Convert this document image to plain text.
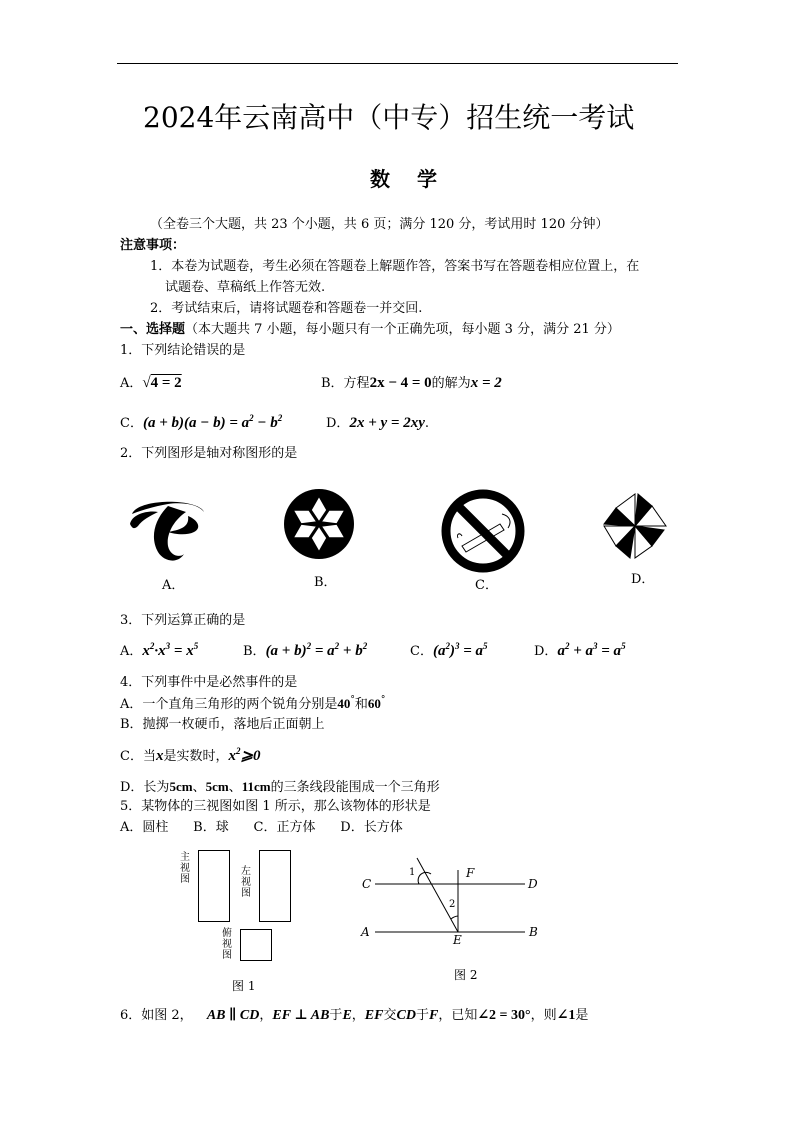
2024年云南高中（中专）招生统一考试
数 学
（全卷三个大题，共 23 个小题，共 6 页；满分 120 分，考试用时 120 分钟）
注意事项：
1．本卷为试题卷，考生必须在答题卷上解题作答，答案书写在答题卷相应位置上，在
试题卷、草稿纸上作答无效.
2．考试结束后，请将试题卷和答题卷一并交回.
一、选择题（本大题共 7 小题，每小题只有一个正确先项，每小题 3 分，满分 21 分）
1．下列结论错误的是
A．√4 = 2	B．方程2x − 4 = 0的解为x = 2
C．$(a + b)(a - b) = a^2 - b^2$	D．2x + y = 2xy.
2．下列图形是轴对称图形的是
A．	B．	C．	D．
3．下列运算正确的是
A．$x^2\cdot x^3 = x^5$	B．$(a + b)^2 = a^2 + b^2$	C．$(a^2)^3 = a^5$	D．$a^2 + a^3 = a^5$
4．下列事件中是必然事件的是
A．一个直角三角形的两个锐角分别是40°和60°
B．抛掷一枚硬币，落地后正面朝上
C．当x是实数时，$x^2⩾0$
D．长为5cm、5cm、11cm的三条线段能围成一个三角形
5．某物体的三视图如图 1 所示，那么该物体的形状是
A．圆柱      B．球      C．正方体      D．长方体
主视图
左视图
俯视图
图 1
C	D
F
A	B
E
1
2
图 2
6．如图 2， AB ∥ CD，EF ⊥ AB于E，EF交CD于F，已知∠2 = 30°，则∠1是
